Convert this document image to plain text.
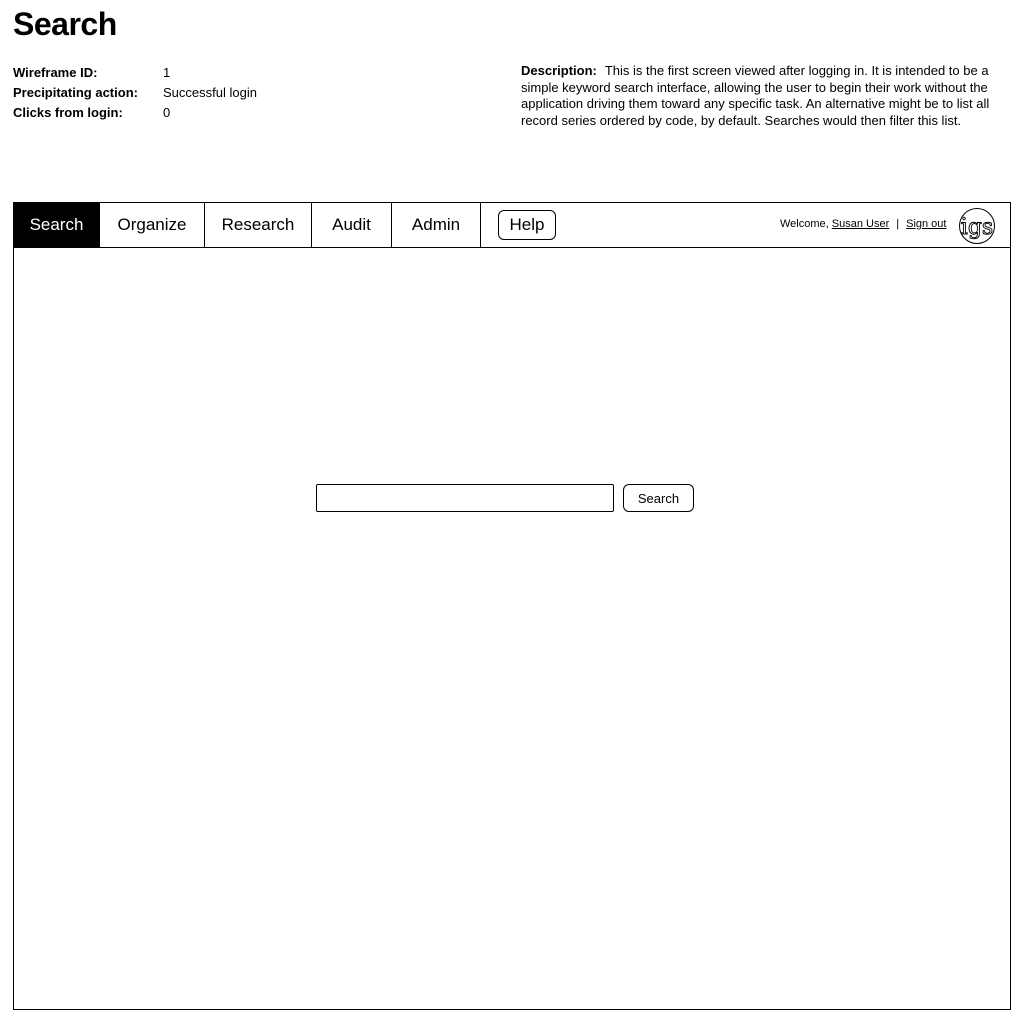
Search
Wireframe ID:	1
Precipitating action:	Successful login
Clicks from login:	0
Description: This is the first screen viewed after logging in. It is intended to be a simple keyword search interface, allowing the user to begin their work without the application driving them toward any specific task. An alternative might be to list all record series ordered by code, by default. Searches would then filter this list.
Search	Organize	Research	Audit	Admin	Help	Welcome,
Susan User | Sign out igs
Search
